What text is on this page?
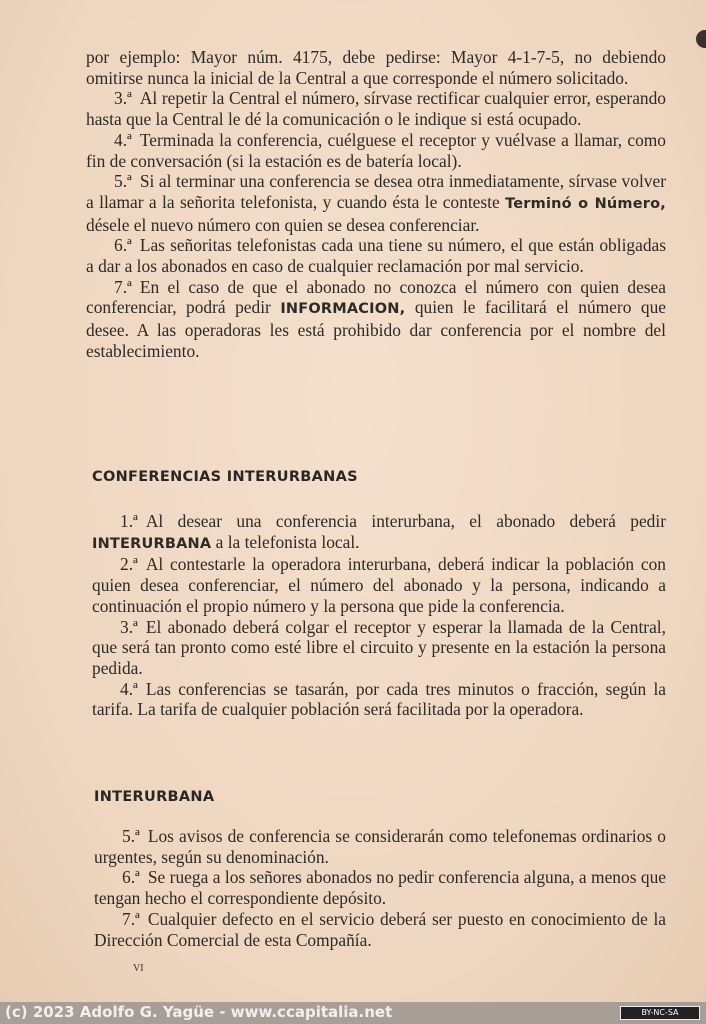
por ejemplo: Mayor núm. 4175, debe pedirse: Mayor 4-1-7-5, no debiendo omitirse nunca la inicial de la Central a que corresponde el número solicitado.

3.ª Al repetir la Central el número, sírvase rectificar cualquier error, esperando hasta que la Central le dé la comunicación o le indique si está ocupado.

4.ª Terminada la conferencia, cuélguese el receptor y vuélvase a llamar, como fin de conversación (si la estación es de batería local).

5.ª Si al terminar una conferencia se desea otra inmediatamente, sírvase volver a llamar a la señorita telefonista, y cuando ésta le conteste Terminó o Número, désele el nuevo número con quien se desea conferenciar.

6.ª Las señoritas telefonistas cada una tiene su número, el que están obligadas a dar a los abonados en caso de cualquier reclamación por mal servicio.

7.ª En el caso de que el abonado no conozca el número con quien desea conferenciar, podrá pedir INFORMACION, quien le facilitará el número que desee. A las operadoras les está prohibido dar conferencia por el nombre del establecimiento.

CONFERENCIAS INTERURBANAS

1.ª Al desear una conferencia interurbana, el abonado deberá pedir INTERURBANA a la telefonista local.

2.ª Al contestarle la operadora interurbana, deberá indicar la población con quien desea conferenciar, el número del abonado y la persona, indicando a continuación el propio número y la persona que pide la conferencia.

3.ª El abonado deberá colgar el receptor y esperar la llamada de la Central, que será tan pronto como esté libre el circuito y presente en la estación la persona pedida.

4.ª Las conferencias se tasarán, por cada tres minutos o fracción, según la tarifa. La tarifa de cualquier población será facilitada por la operadora.

INTERURBANA

5.ª Los avisos de conferencia se considerarán como telefonemas ordinarios o urgentes, según su denominación.

6.ª Se ruega a los señores abonados no pedir conferencia alguna, a menos que tengan hecho el correspondiente depósito.

7.ª Cualquier defecto en el servicio deberá ser puesto en conocimiento de la Dirección Comercial de esta Compañía.

VI
(c) 2023 Adolfo G. Yagüe - www.ccapitalia.net	BY-NC-SA
